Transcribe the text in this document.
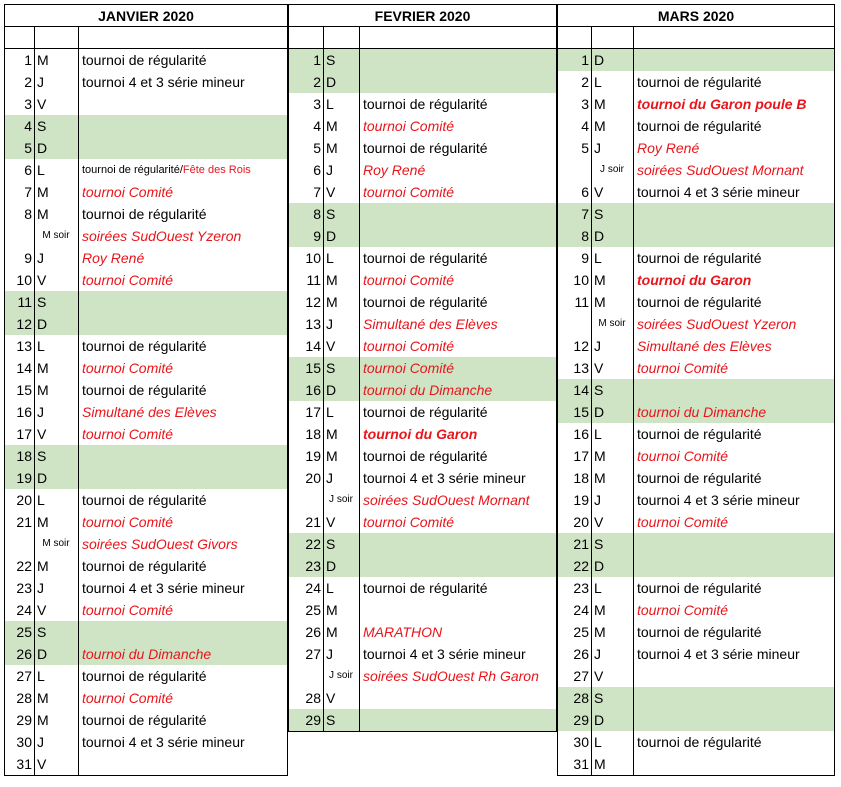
JANVIER 2020
1 M	tournoi de régularité
2 J	tournoi 4 et 3 série mineur
3 V
4 S
5 D
6 L	tournoi de régularité/Fête des Rois
7 M	tournoi Comité
8 M	tournoi de régularité
M soir soirées SudOuest Yzeron
9 J	Roy René
10 V	tournoi Comité
11 S
12 D
13 L	tournoi de régularité
14 M	tournoi Comité
15 M	tournoi de régularité
16 J	Simultané des Elèves
17 V	tournoi Comité
18 S
19 D
20 L	tournoi de régularité
21 M	tournoi Comité
M soir soirées SudOuest Givors
22 M	tournoi de régularité
23 J	tournoi 4 et 3 série mineur
24 V	tournoi Comité
25 S
26 D	tournoi du Dimanche
27 L	tournoi de régularité
28 M	tournoi Comité
29 M	tournoi de régularité
30 J	tournoi 4 et 3 série mineur
31 V
FEVRIER 2020
1 S
2 D
3 L	tournoi de régularité
4 M	tournoi Comité
5 M	tournoi de régularité
6 J	Roy René
7 V	tournoi Comité
8 S
9 D
10 L	tournoi de régularité
11 M	tournoi Comité
12 M	tournoi de régularité
13 J	Simultané des Elèves
14 V	tournoi Comité
15 S	tournoi Comité
16 D	tournoi du Dimanche
17 L	tournoi de régularité
18 M	tournoi du Garon
19 M	tournoi de régularité
20 J	tournoi 4 et 3 série mineur
J soir soirées SudOuest Mornant
21 V	tournoi Comité
22 S
23 D
24 L	tournoi de régularité
25 M
26 M	MARATHON
27 J	tournoi 4 et 3 série mineur
J soir soirées SudOuest Rh Garon
28 V
29 S
MARS 2020
1 D
2 L	tournoi de régularité
3 M	tournoi du Garon poule B
4 M	tournoi de régularité
5 J	Roy René
J soir soirées SudOuest Mornant
6 V	tournoi 4 et 3 série mineur
7 S
8 D
9 L	tournoi de régularité
10 M	tournoi du Garon
11 M	tournoi de régularité
M soir soirées SudOuest Yzeron
12 J	Simultané des Elèves
13 V	tournoi Comité
14 S
15 D	tournoi du Dimanche
16 L	tournoi de régularité
17 M	tournoi Comité
18 M	tournoi de régularité
19 J	tournoi 4 et 3 série mineur
20 V	tournoi Comité
21 S
22 D
23 L	tournoi de régularité
24 M	tournoi Comité
25 M	tournoi de régularité
26 J	tournoi 4 et 3 série mineur
27 V
28 S
29 D
30 L	tournoi de régularité
31 M
